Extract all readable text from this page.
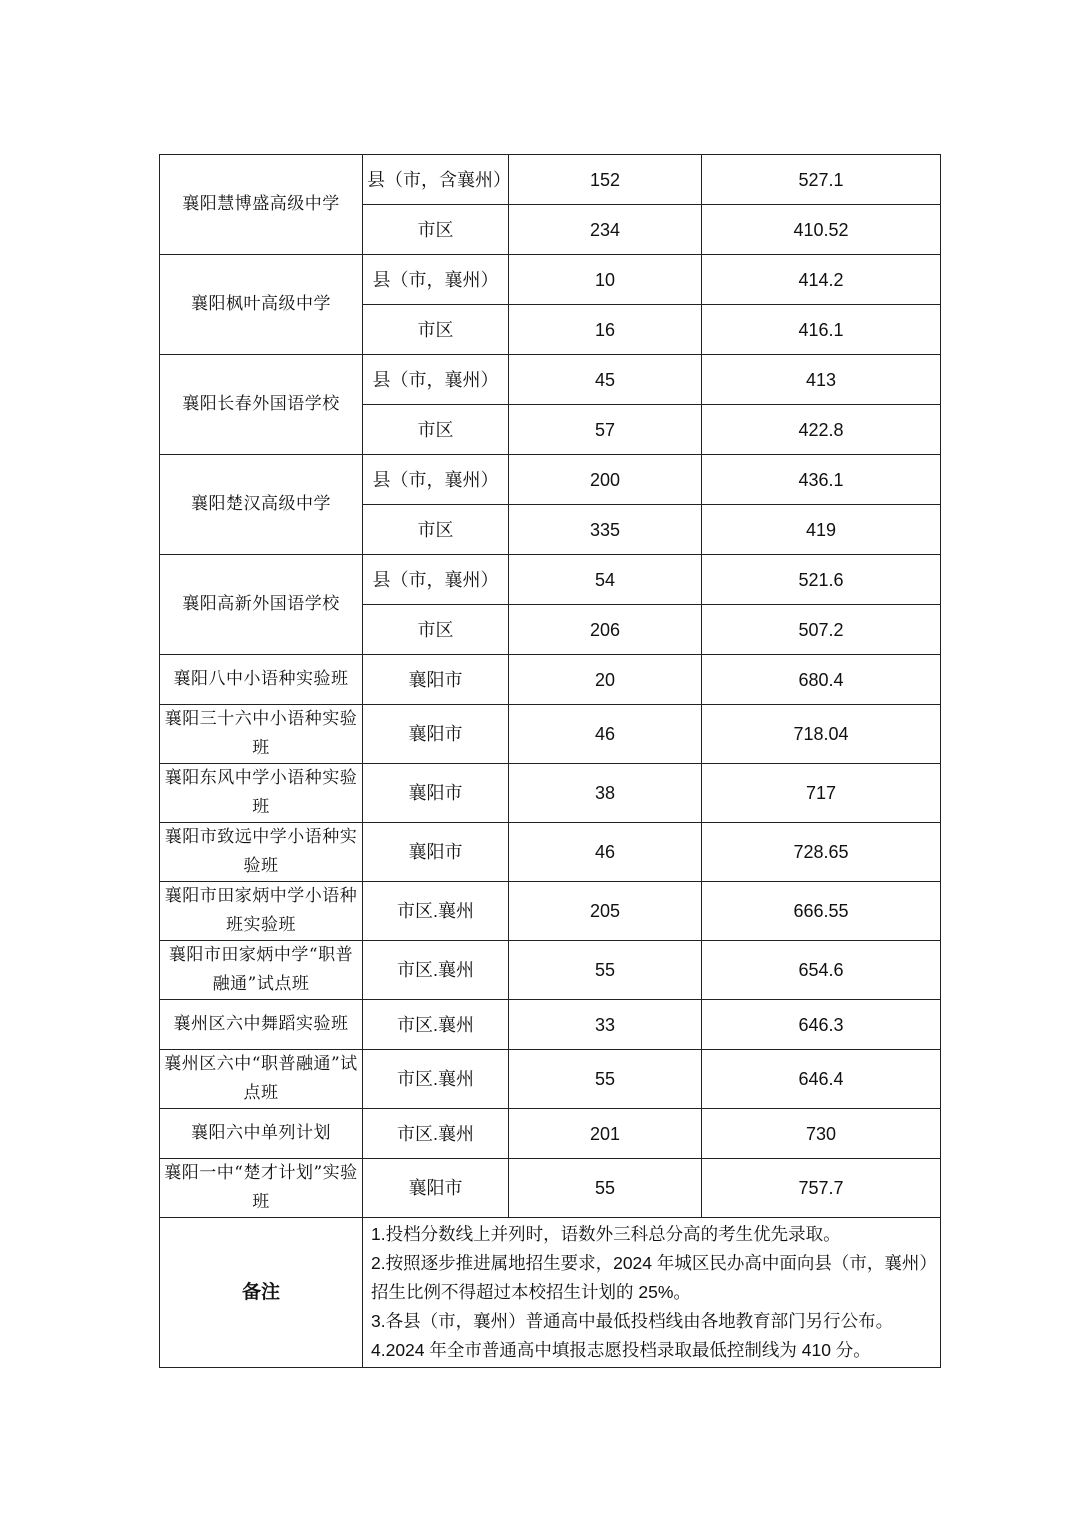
襄阳慧博盛高级中学	县（市，含襄州）	152	527.1
	市区	234	410.52
襄阳枫叶高级中学	县（市，襄州）	10	414.2
	市区	16	416.1
襄阳长春外国语学校	县（市，襄州）	45	413
	市区	57	422.8
襄阳楚汉高级中学	县（市，襄州）	200	436.1
	市区	335	419
襄阳高新外国语学校	县（市，襄州）	54	521.6
	市区	206	507.2
襄阳八中小语种实验班	襄阳市	20	680.4
襄阳三十六中小语种实验班	襄阳市	46	718.04
襄阳东风中学小语种实验班	襄阳市	38	717
襄阳市致远中学小语种实验班	襄阳市	46	728.65
襄阳市田家炳中学小语种班实验班	市区.襄州	205	666.55
襄阳市田家炳中学“职普融通”试点班	市区.襄州	55	654.6
襄州区六中舞蹈实验班	市区.襄州	33	646.3
襄州区六中“职普融通”试点班	市区.襄州	55	646.4
襄阳六中单列计划	市区.襄州	201	730
襄阳一中“楚才计划”实验班	襄阳市	55	757.7
备注	1.投档分数线上并列时，语数外三科总分高的考生优先录取。
2.按照逐步推进属地招生要求，2024 年城区民办高中面向县（市，襄州）招生比例不得超过本校招生计划的 25%。
3.各县（市，襄州）普通高中最低投档线由各地教育部门另行公布。
4.2024 年全市普通高中填报志愿投档录取最低控制线为 410 分。		
